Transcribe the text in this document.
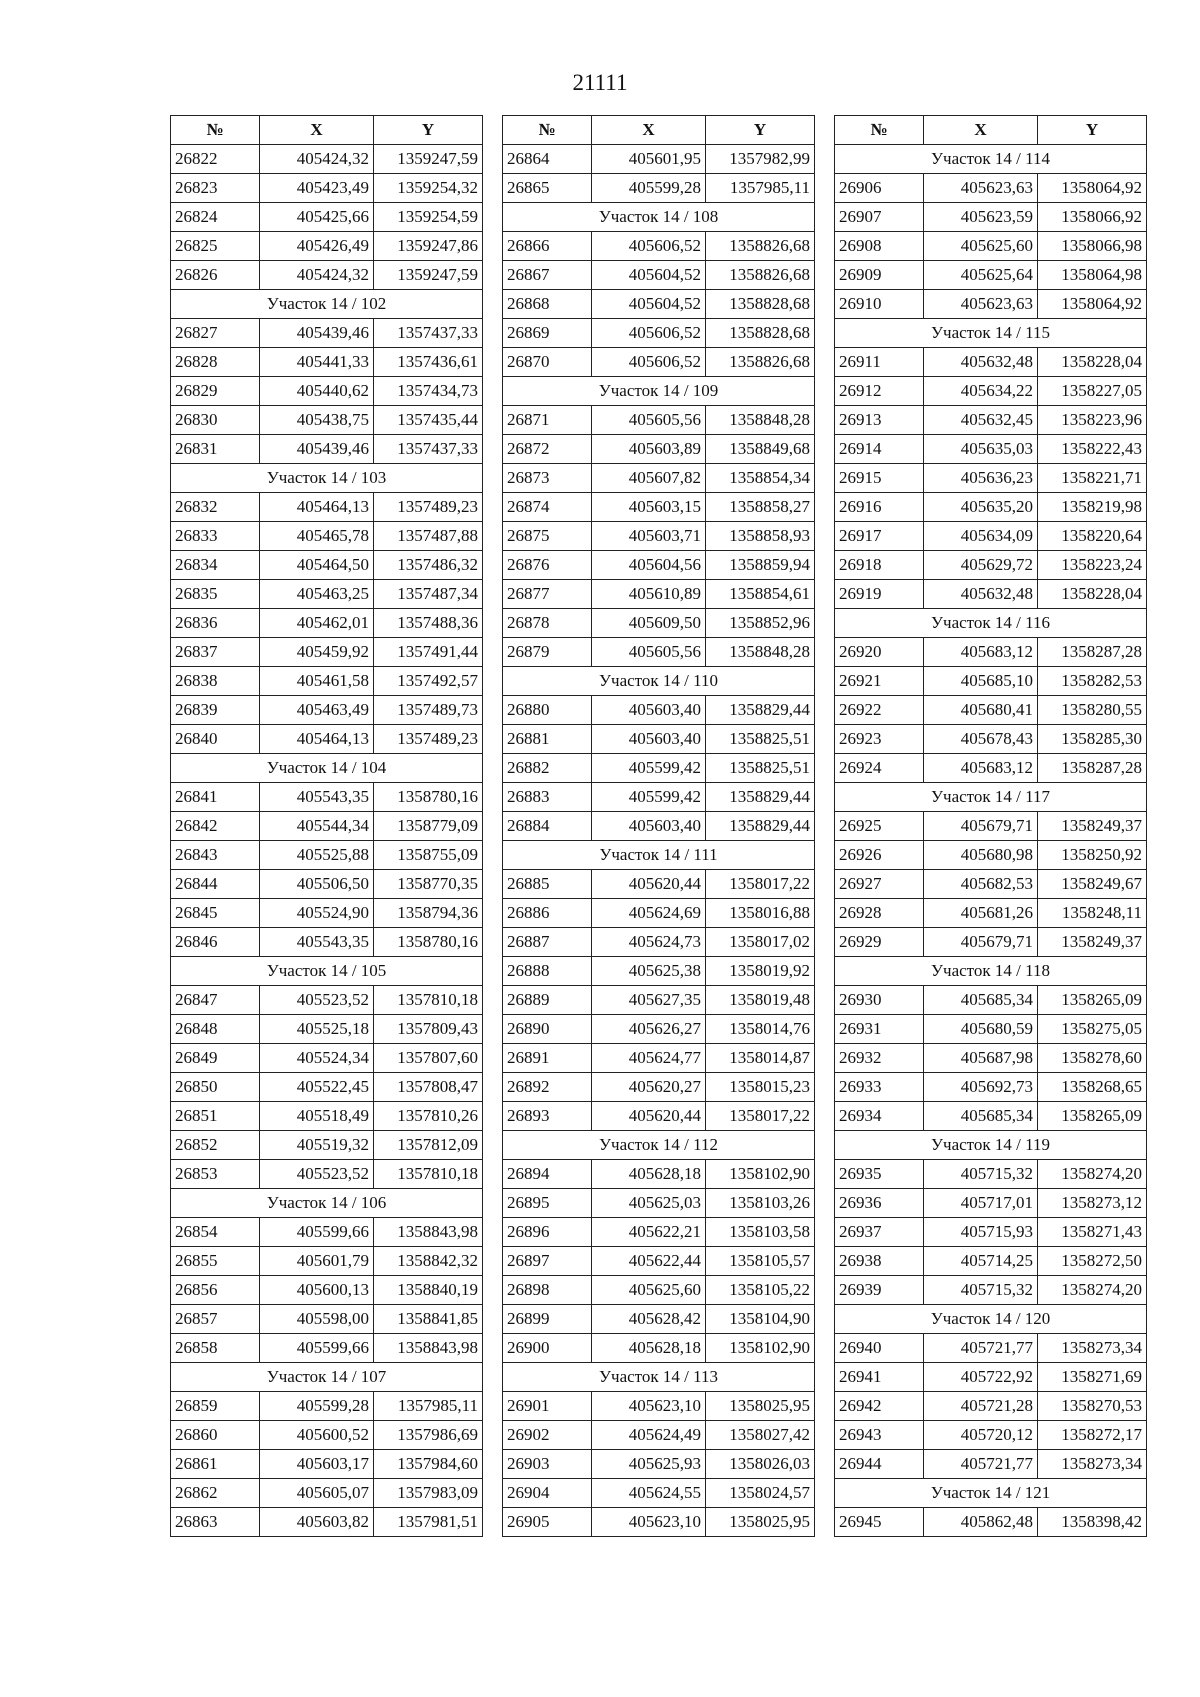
21111
№	X	Y
26822	405424,32	1359247,59
26823	405423,49	1359254,32
26824	405425,66	1359254,59
26825	405426,49	1359247,86
26826	405424,32	1359247,59
Участок 14 / 102		
26827	405439,46	1357437,33
26828	405441,33	1357436,61
26829	405440,62	1357434,73
26830	405438,75	1357435,44
26831	405439,46	1357437,33
Участок 14 / 103		
26832	405464,13	1357489,23
26833	405465,78	1357487,88
26834	405464,50	1357486,32
26835	405463,25	1357487,34
26836	405462,01	1357488,36
26837	405459,92	1357491,44
26838	405461,58	1357492,57
26839	405463,49	1357489,73
26840	405464,13	1357489,23
Участок 14 / 104		
26841	405543,35	1358780,16
26842	405544,34	1358779,09
26843	405525,88	1358755,09
26844	405506,50	1358770,35
26845	405524,90	1358794,36
26846	405543,35	1358780,16
Участок 14 / 105		
26847	405523,52	1357810,18
26848	405525,18	1357809,43
26849	405524,34	1357807,60
26850	405522,45	1357808,47
26851	405518,49	1357810,26
26852	405519,32	1357812,09
26853	405523,52	1357810,18
Участок 14 / 106		
26854	405599,66	1358843,98
26855	405601,79	1358842,32
26856	405600,13	1358840,19
26857	405598,00	1358841,85
26858	405599,66	1358843,98
Участок 14 / 107		
26859	405599,28	1357985,11
26860	405600,52	1357986,69
26861	405603,17	1357984,60
26862	405605,07	1357983,09
26863	405603,82	1357981,51
№	X	Y
26864	405601,95	1357982,99
26865	405599,28	1357985,11
Участок 14 / 108		
26866	405606,52	1358826,68
26867	405604,52	1358826,68
26868	405604,52	1358828,68
26869	405606,52	1358828,68
26870	405606,52	1358826,68
Участок 14 / 109		
26871	405605,56	1358848,28
26872	405603,89	1358849,68
26873	405607,82	1358854,34
26874	405603,15	1358858,27
26875	405603,71	1358858,93
26876	405604,56	1358859,94
26877	405610,89	1358854,61
26878	405609,50	1358852,96
26879	405605,56	1358848,28
Участок 14 / 110		
26880	405603,40	1358829,44
26881	405603,40	1358825,51
26882	405599,42	1358825,51
26883	405599,42	1358829,44
26884	405603,40	1358829,44
Участок 14 / 111		
26885	405620,44	1358017,22
26886	405624,69	1358016,88
26887	405624,73	1358017,02
26888	405625,38	1358019,92
26889	405627,35	1358019,48
26890	405626,27	1358014,76
26891	405624,77	1358014,87
26892	405620,27	1358015,23
26893	405620,44	1358017,22
Участок 14 / 112		
26894	405628,18	1358102,90
26895	405625,03	1358103,26
26896	405622,21	1358103,58
26897	405622,44	1358105,57
26898	405625,60	1358105,22
26899	405628,42	1358104,90
26900	405628,18	1358102,90
Участок 14 / 113		
26901	405623,10	1358025,95
26902	405624,49	1358027,42
26903	405625,93	1358026,03
26904	405624,55	1358024,57
26905	405623,10	1358025,95
№	X	Y
Участок 14 / 114		
26906	405623,63	1358064,92
26907	405623,59	1358066,92
26908	405625,60	1358066,98
26909	405625,64	1358064,98
26910	405623,63	1358064,92
Участок 14 / 115		
26911	405632,48	1358228,04
26912	405634,22	1358227,05
26913	405632,45	1358223,96
26914	405635,03	1358222,43
26915	405636,23	1358221,71
26916	405635,20	1358219,98
26917	405634,09	1358220,64
26918	405629,72	1358223,24
26919	405632,48	1358228,04
Участок 14 / 116		
26920	405683,12	1358287,28
26921	405685,10	1358282,53
26922	405680,41	1358280,55
26923	405678,43	1358285,30
26924	405683,12	1358287,28
Участок 14 / 117		
26925	405679,71	1358249,37
26926	405680,98	1358250,92
26927	405682,53	1358249,67
26928	405681,26	1358248,11
26929	405679,71	1358249,37
Участок 14 / 118		
26930	405685,34	1358265,09
26931	405680,59	1358275,05
26932	405687,98	1358278,60
26933	405692,73	1358268,65
26934	405685,34	1358265,09
Участок 14 / 119		
26935	405715,32	1358274,20
26936	405717,01	1358273,12
26937	405715,93	1358271,43
26938	405714,25	1358272,50
26939	405715,32	1358274,20
Участок 14 / 120		
26940	405721,77	1358273,34
26941	405722,92	1358271,69
26942	405721,28	1358270,53
26943	405720,12	1358272,17
26944	405721,77	1358273,34
Участок 14 / 121		
26945	405862,48	1358398,42
